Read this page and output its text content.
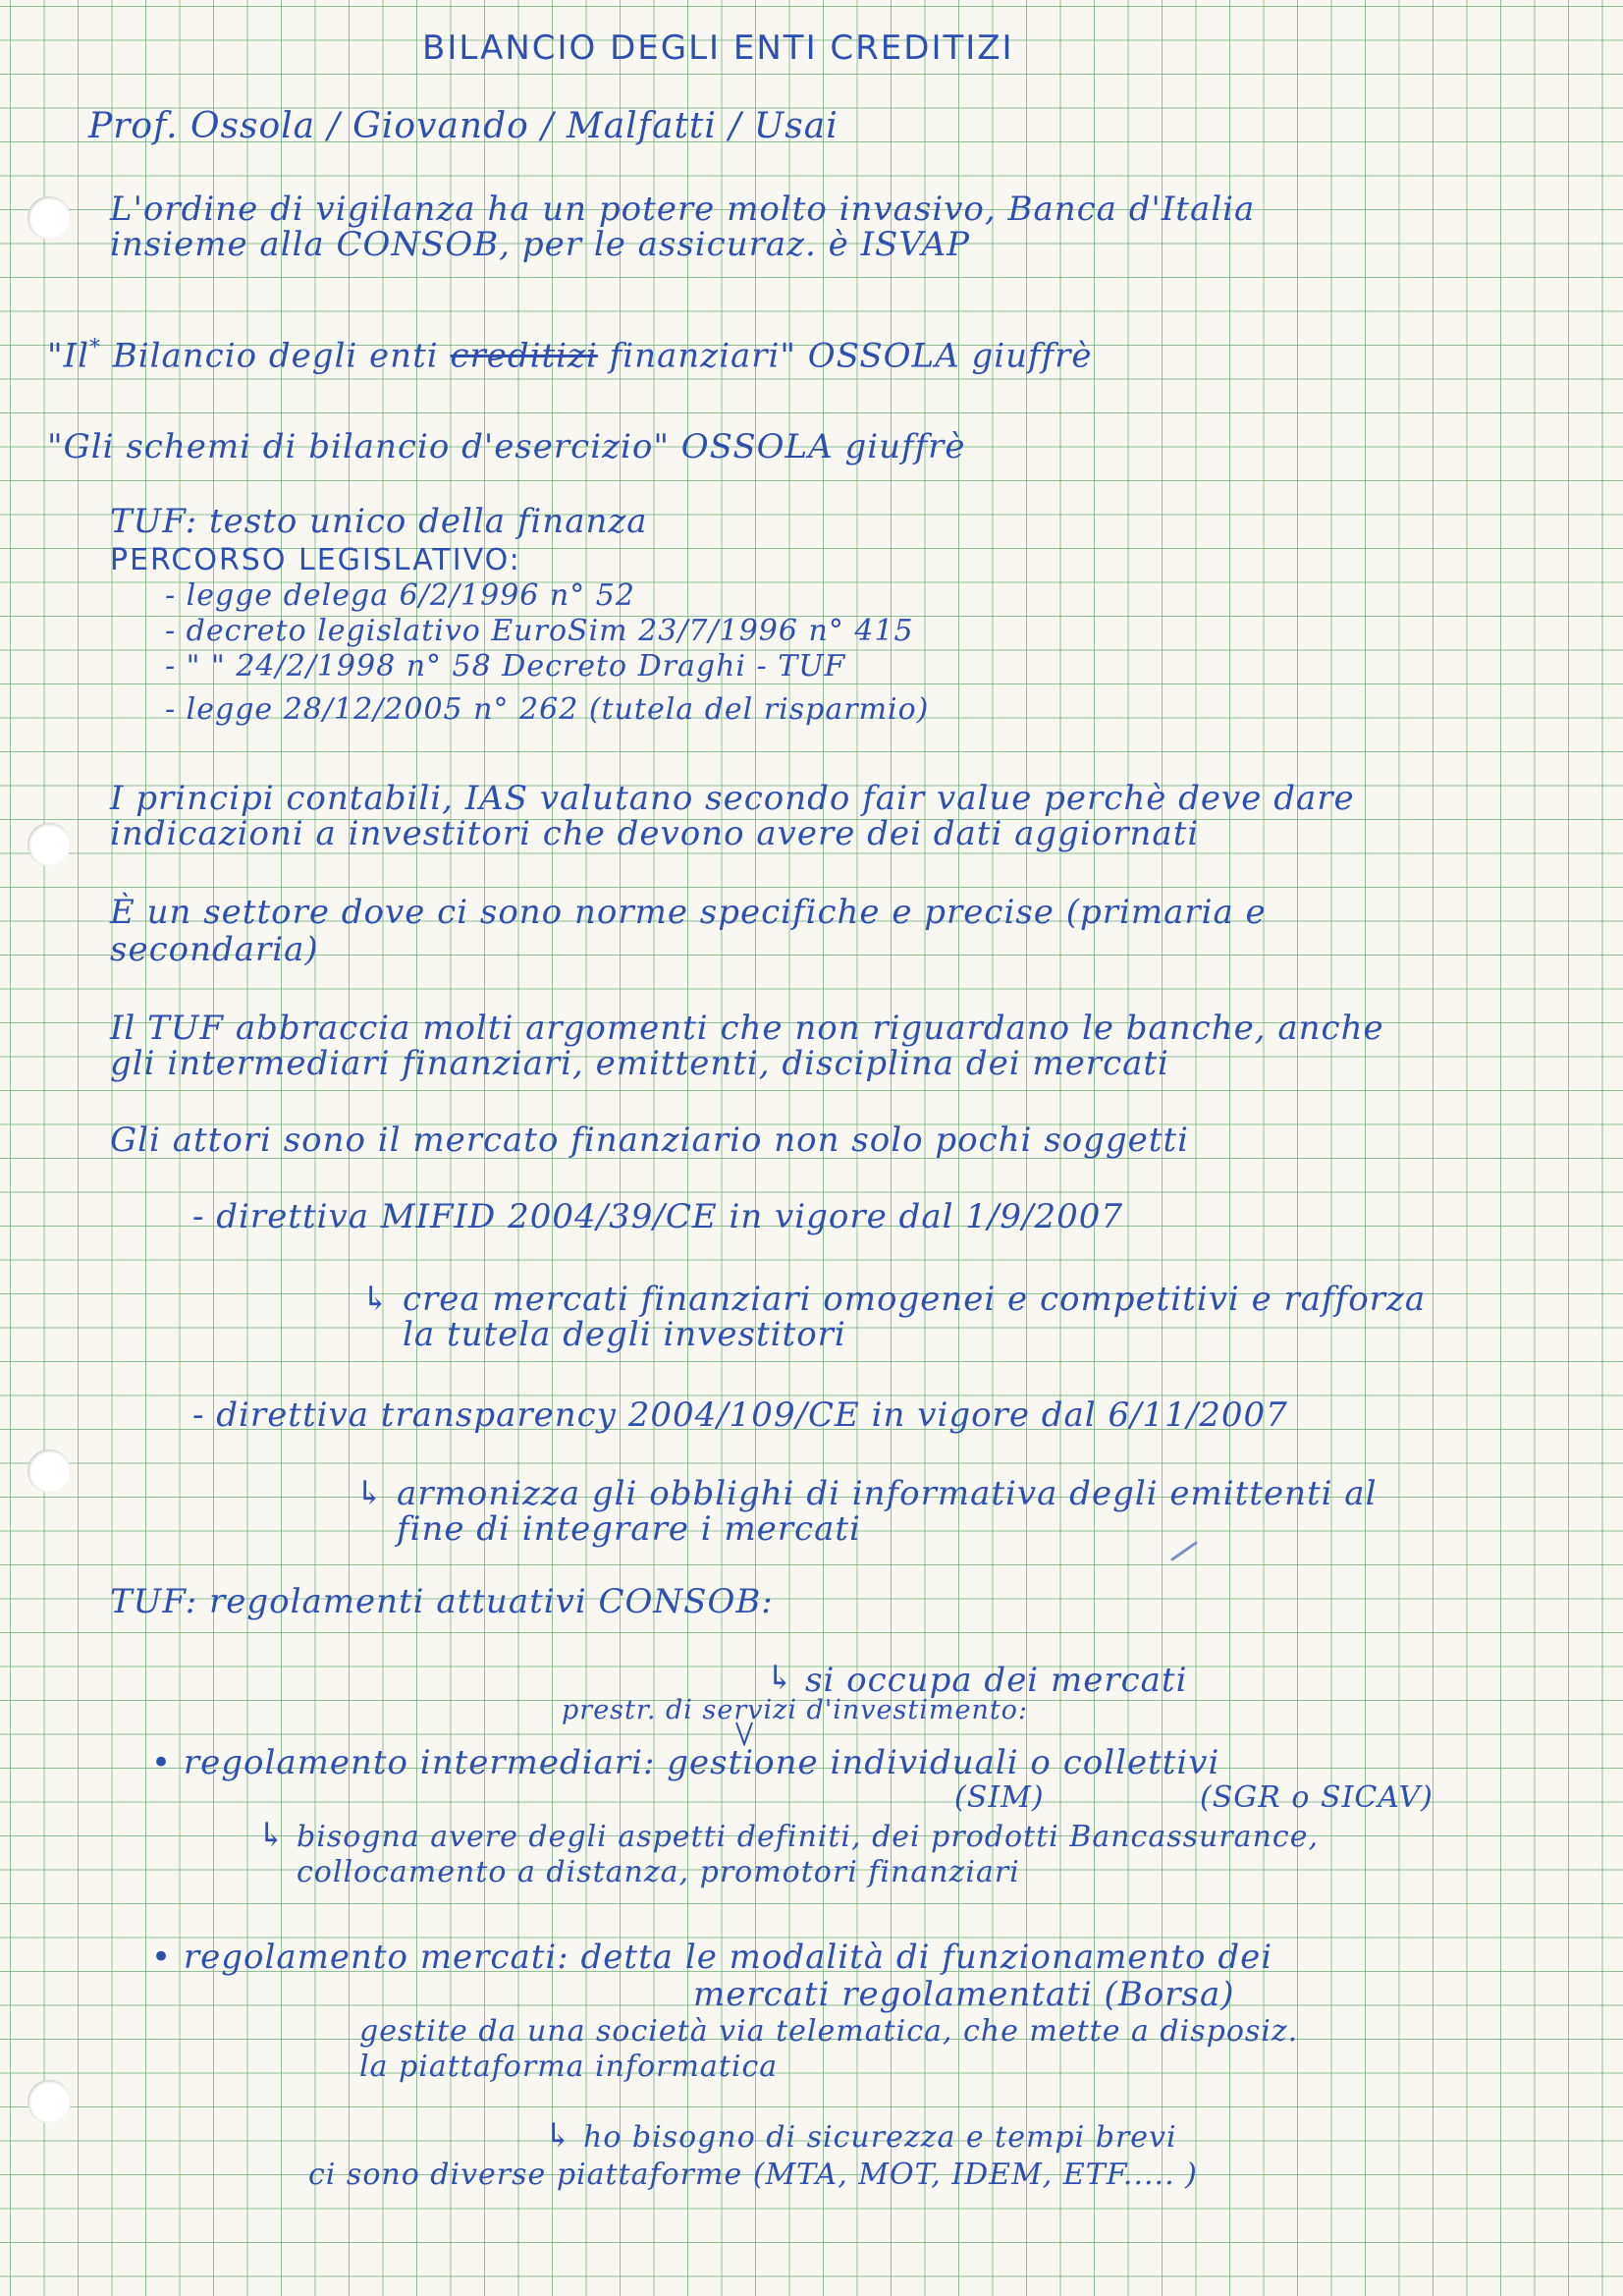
BILANCIO DEGLI ENTI CREDITIZI
Prof. Ossola / Giovando / Malfatti / Usai
L'ordine di vigilanza ha un potere molto invasivo, Banca d'Italia
insieme alla CONSOB, per le assicuraz. è ISVAP
"Il* Bilancio degli enti creditizi finanziari" OSSOLA giuffrè
"Gli schemi di bilancio d'esercizio" OSSOLA giuffrè
TUF: testo unico della finanza
PERCORSO LEGISLATIVO:
- legge delega 6/2/1996 n° 52
- decreto legislativo EuroSim 23/7/1996 n° 415
- " " 24/2/1998 n° 58 Decreto Draghi - TUF
- legge 28/12/2005 n° 262 (tutela del risparmio)
I principi contabili, IAS valutano secondo fair value perchè deve dare
indicazioni a investitori che devono avere dei dati aggiornati
È un settore dove ci sono norme specifiche e precise (primaria e
secondaria)
Il TUF abbraccia molti argomenti che non riguardano le banche, anche
gli intermediari finanziari, emittenti, disciplina dei mercati
Gli attori sono il mercato finanziario non solo pochi soggetti
- direttiva MIFID 2004/39/CE in vigore dal 1/9/2007
↳ crea mercati finanziari omogenei e competitivi e rafforza
la tutela degli investitori
- direttiva transparency 2004/109/CE in vigore dal 6/11/2007
↳ armonizza gli obblighi di informativa degli emittenti al
fine di integrare i mercati
TUF: regolamenti attuativi CONSOB:
↳ si occupa dei mercati
prestr. di servizi d'investimento:
• regolamento intermediari: gestione individuali o collettivi
(SIM)	(SGR o SICAV)
↳ bisogna avere degli aspetti definiti, dei prodotti Bancassurance,
collocamento a distanza, promotori finanziari
• regolamento mercati: detta le modalità di funzionamento dei
mercati regolamentati (Borsa)
gestite da una società via telematica, che mette a disposiz.
la piattaforma informatica
↳ ho bisogno di sicurezza e tempi brevi
ci sono diverse piattaforme (MTA, MOT, IDEM, ETF..... )
